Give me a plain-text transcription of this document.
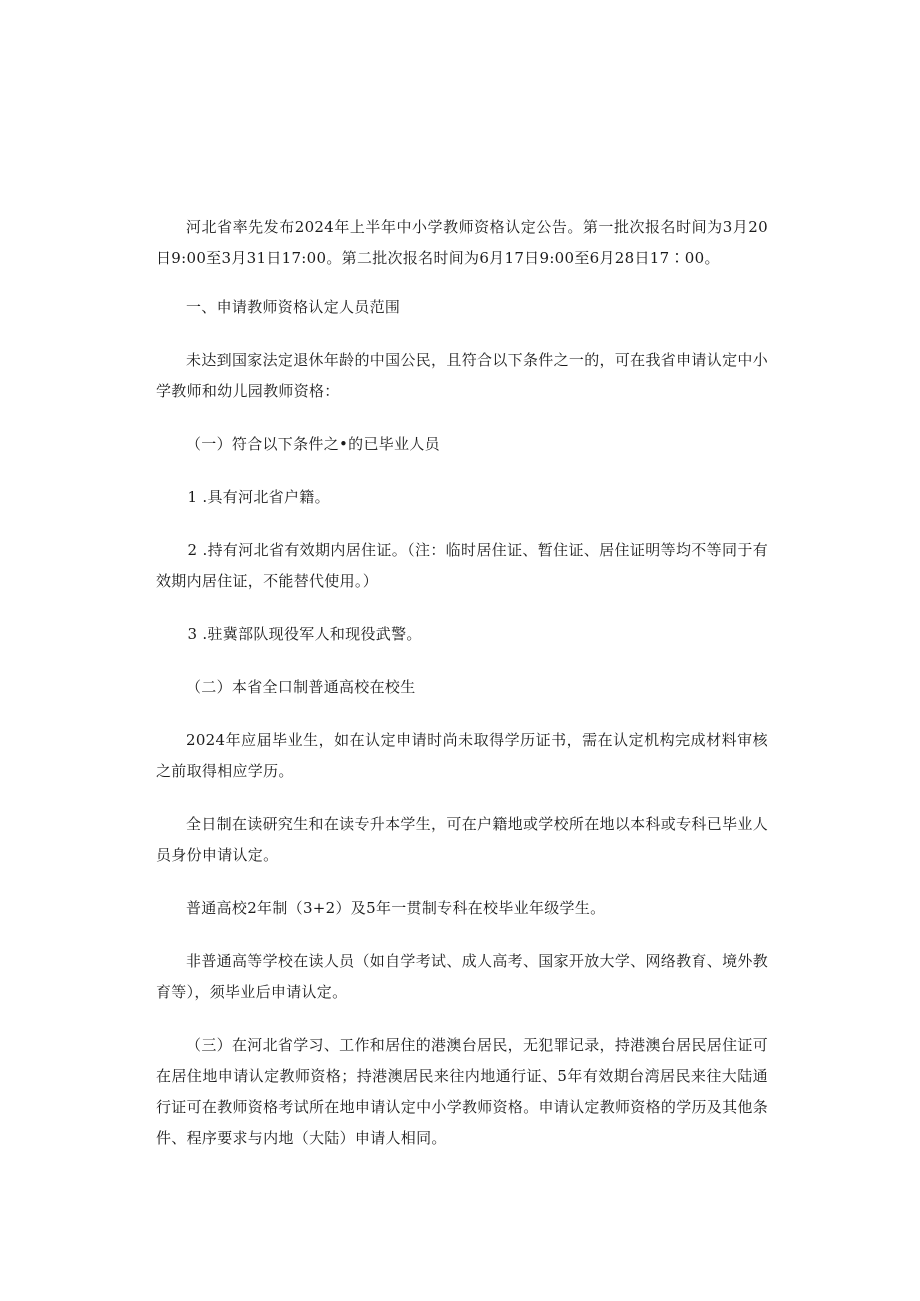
河北省率先发布2024年上半年中小学教师资格认定公告。第一批次报名时间为3月20日9:00至3月31日17:00。第二批次报名时间为6月17日9:00至6月28日17∶00。

一、申请教师资格认定人员范围

未达到国家法定退休年龄的中国公民，且符合以下条件之一的，可在我省申请认定中小学教师和幼儿园教师资格：

（一）符合以下条件之•的已毕业人员

1 .具有河北省户籍。

2 .持有河北省有效期内居住证。（注：临时居住证、暂住证、居住证明等均不等同于有效期内居住证，不能替代使用。）

3 .驻冀部队现役军人和现役武警。

（二）本省全口制普通高校在校生

2024年应届毕业生，如在认定申请时尚未取得学历证书，需在认定机构完成材料审核之前取得相应学历。

全日制在读研究生和在读专升本学生，可在户籍地或学校所在地以本科或专科已毕业人员身份申请认定。

普通高校2年制（3+2）及5年一贯制专科在校毕业年级学生。

非普通高等学校在读人员（如自学考试、成人高考、国家开放大学、网络教育、境外教育等），须毕业后申请认定。

（三）在河北省学习、工作和居住的港澳台居民，无犯罪记录，持港澳台居民居住证可在居住地申请认定教师资格；持港澳居民来往内地通行证、5年有效期台湾居民来往大陆通行证可在教师资格考试所在地申请认定中小学教师资格。申请认定教师资格的学历及其他条件、程序要求与内地（大陆）申请人相同。
